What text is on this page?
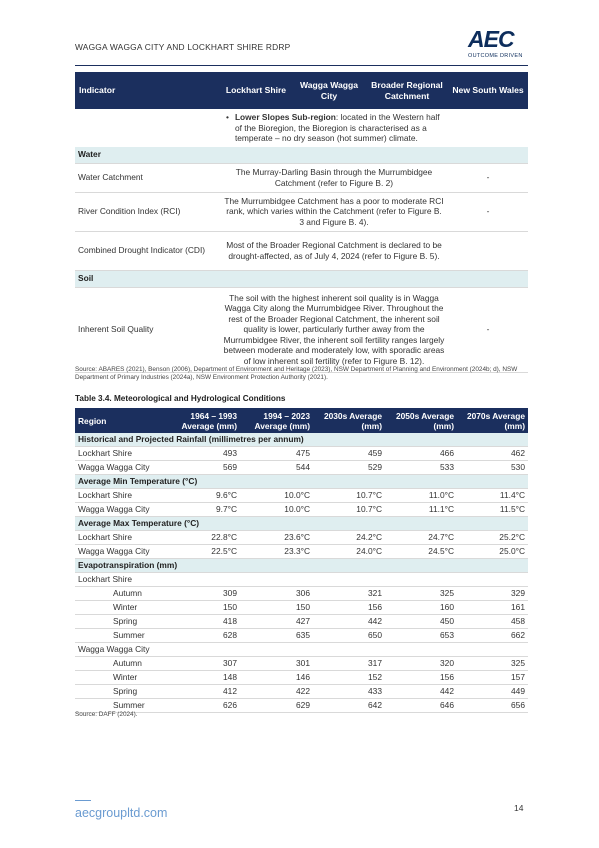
WAGGA WAGGA CITY AND LOCKHART SHIRE RDRP	AEC
OUTCOME DRIVEN
Indicator	Lockhart Shire	Wagga Wagga City	Broader Regional Catchment	New South Wales

	• Lower Slopes Sub-region: located in the Western half of the Bioregion, the Bioregion is characterised as a temperate – no dry season (hot summer) climate.			

Water				
Water Catchment	The Murray-Darling Basin through the Murrumbidgee Catchment (refer to Figure B. 2)			-
River Condition Index (RCI)	The Murrumbidgee Catchment has a poor to moderate RCI rank, which varies within the Catchment (refer to Figure B. 3 and Figure B. 4).			-
Combined Drought Indicator (CDI)	Most of the Broader Regional Catchment is declared to be drought-affected, as of July 4, 2024 (refer to Figure B. 5).			
Soil				
Inherent Soil Quality	The soil with the highest inherent soil quality is in Wagga Wagga City along the Murrumbidgee River. Throughout the rest of the Broader Regional Catchment, the inherent soil quality is lower, particularly further away from the Murrumbidgee River, the inherent soil fertility ranges largely between moderate and moderately low, with sporadic areas of low inherent soil fertility (refer to Figure B. 12).			-
Source: ABARES (2021), Benson (2006), Department of Environment and Heritage (2023), NSW Department of Planning and Environment (2024b; d), NSW Department of Primary Industries (2024a), NSW Environment Protection Authority (2021).
Table 3.4. Meteorological and Hydrological Conditions
Region	1964 – 1993 Average (mm)	1994 – 2023 Average (mm)	2030s Average (mm)	2050s Average (mm)	2070s Average (mm)
Historical and Projected Rainfall (millimetres per annum)					
Lockhart Shire	493	475	459	466	462
Wagga Wagga City	569	544	529	533	530
Average Min Temperature (°C)					
Lockhart Shire	9.6°C	10.0°C	10.7°C	11.0°C	11.4°C
Wagga Wagga City	9.7°C	10.0°C	10.7°C	11.1°C	11.5°C
Average Max Temperature (°C)					
Lockhart Shire	22.8°C	23.6°C	24.2°C	24.7°C	25.2°C
Wagga Wagga City	22.5°C	23.3°C	24.0°C	24.5°C	25.0°C
Evapotranspiration (mm)					
Lockhart Shire					
Autumn	309	306	321	325	329
Winter	150	150	156	160	161
Spring	418	427	442	450	458
Summer	628	635	650	653	662
Wagga Wagga City					
Autumn	307	301	317	320	325
Winter	148	146	152	156	157
Spring	412	422	433	442	449
Summer	626	629	642	646	656
Source: DAFF (2024).
aecgroupltd.com	14
